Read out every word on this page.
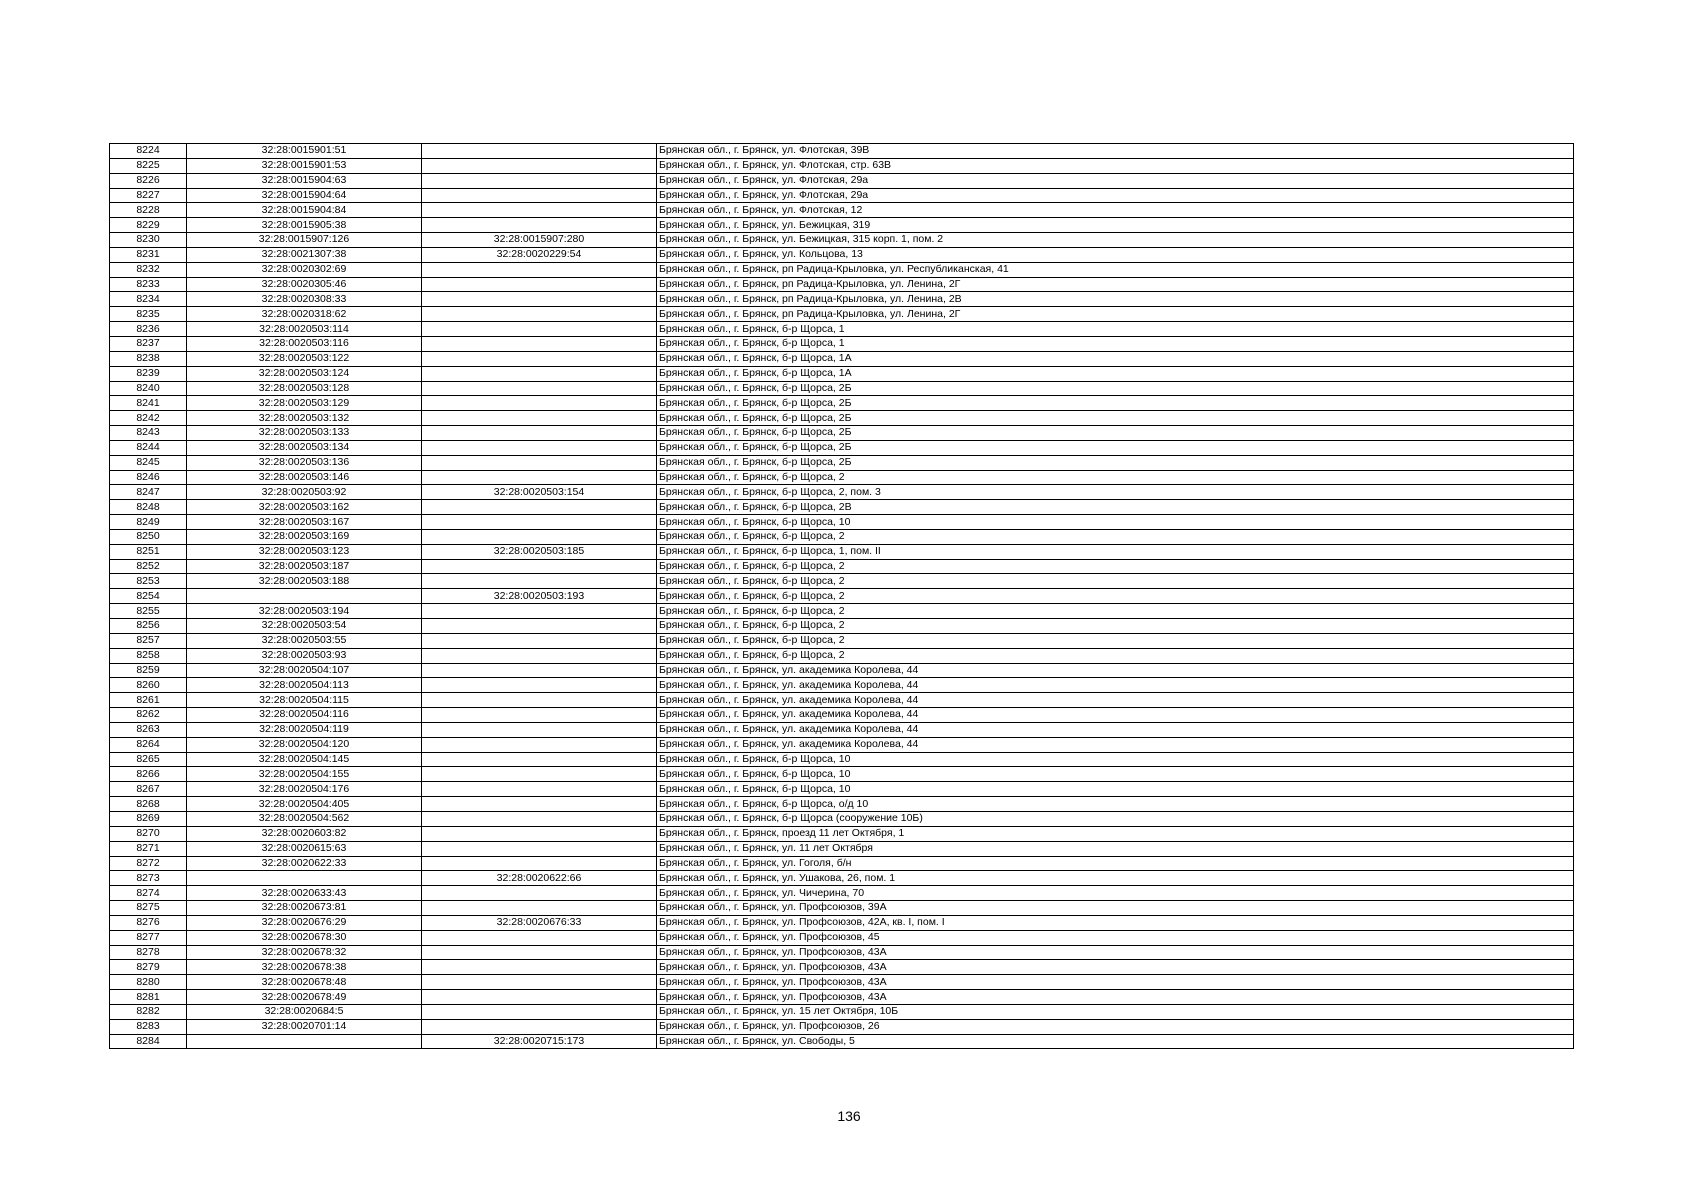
8224	32:28:0015901:51		Брянская обл., г. Брянск, ул. Флотская, 39В
8225	32:28:0015901:53		Брянская обл., г. Брянск, ул. Флотская, стр. 63В
8226	32:28:0015904:63		Брянская обл., г. Брянск, ул. Флотская, 29а
8227	32:28:0015904:64		Брянская обл., г. Брянск, ул. Флотская, 29а
8228	32:28:0015904:84		Брянская обл., г. Брянск, ул. Флотская, 12
8229	32:28:0015905:38		Брянская обл., г. Брянск, ул. Бежицкая, 319
8230	32:28:0015907:126	32:28:0015907:280	Брянская обл., г. Брянск, ул. Бежицкая, 315 корп. 1, пом. 2
8231	32:28:0021307:38	32:28:0020229:54	Брянская обл., г. Брянск, ул. Кольцова, 13
8232	32:28:0020302:69		Брянская обл., г. Брянск, рп Радица-Крыловка, ул. Республиканская, 41
8233	32:28:0020305:46		Брянская обл., г. Брянск, рп Радица-Крыловка, ул. Ленина, 2Г
8234	32:28:0020308:33		Брянская обл., г. Брянск, рп Радица-Крыловка, ул. Ленина, 2В
8235	32:28:0020318:62		Брянская обл., г. Брянск, рп Радица-Крыловка, ул. Ленина, 2Г
8236	32:28:0020503:114		Брянская обл., г. Брянск, б-р Щорса, 1
8237	32:28:0020503:116		Брянская обл., г. Брянск, б-р Щорса, 1
8238	32:28:0020503:122		Брянская обл., г. Брянск, б-р Щорса, 1А
8239	32:28:0020503:124		Брянская обл., г. Брянск, б-р Щорса, 1А
8240	32:28:0020503:128		Брянская обл., г. Брянск, б-р Щорса, 2Б
8241	32:28:0020503:129		Брянская обл., г. Брянск, б-р Щорса, 2Б
8242	32:28:0020503:132		Брянская обл., г. Брянск, б-р Щорса, 2Б
8243	32:28:0020503:133		Брянская обл., г. Брянск, б-р Щорса, 2Б
8244	32:28:0020503:134		Брянская обл., г. Брянск, б-р Щорса, 2Б
8245	32:28:0020503:136		Брянская обл., г. Брянск, б-р Щорса, 2Б
8246	32:28:0020503:146		Брянская обл., г. Брянск, б-р Щорса, 2
8247	32:28:0020503:92	32:28:0020503:154	Брянская обл., г. Брянск, б-р Щорса, 2, пом. 3
8248	32:28:0020503:162		Брянская обл., г. Брянск, б-р Щорса, 2В
8249	32:28:0020503:167		Брянская обл., г. Брянск, б-р Щорса, 10
8250	32:28:0020503:169		Брянская обл., г. Брянск, б-р Щорса, 2
8251	32:28:0020503:123	32:28:0020503:185	Брянская обл., г. Брянск, б-р Щорса, 1, пом. II
8252	32:28:0020503:187		Брянская обл., г. Брянск, б-р Щорса, 2
8253	32:28:0020503:188		Брянская обл., г. Брянск, б-р Щорса, 2
8254		32:28:0020503:193	Брянская обл., г. Брянск, б-р Щорса, 2
8255	32:28:0020503:194		Брянская обл., г. Брянск, б-р Щорса, 2
8256	32:28:0020503:54		Брянская обл., г. Брянск, б-р Щорса, 2
8257	32:28:0020503:55		Брянская обл., г. Брянск, б-р Щорса, 2
8258	32:28:0020503:93		Брянская обл., г. Брянск, б-р Щорса, 2
8259	32:28:0020504:107		Брянская обл., г. Брянск, ул. академика Королева, 44
8260	32:28:0020504:113		Брянская обл., г. Брянск, ул. академика Королева, 44
8261	32:28:0020504:115		Брянская обл., г. Брянск, ул. академика Королева, 44
8262	32:28:0020504:116		Брянская обл., г. Брянск, ул. академика Королева, 44
8263	32:28:0020504:119		Брянская обл., г. Брянск, ул. академика Королева, 44
8264	32:28:0020504:120		Брянская обл., г. Брянск, ул. академика Королева, 44
8265	32:28:0020504:145		Брянская обл., г. Брянск, б-р Щорса, 10
8266	32:28:0020504:155		Брянская обл., г. Брянск, б-р Щорса, 10
8267	32:28:0020504:176		Брянская обл., г. Брянск, б-р Щорса, 10
8268	32:28:0020504:405		Брянская обл., г. Брянск, б-р Щорса, о/д 10
8269	32:28:0020504:562		Брянская обл., г. Брянск, б-р Щорса (сооружение 10Б)
8270	32:28:0020603:82		Брянская обл., г. Брянск, проезд 11 лет Октября, 1
8271	32:28:0020615:63		Брянская обл., г. Брянск, ул. 11 лет Октября
8272	32:28:0020622:33		Брянская обл., г. Брянск, ул. Гоголя, б/н
8273		32:28:0020622:66	Брянская обл., г. Брянск, ул. Ушакова, 26, пом. 1
8274	32:28:0020633:43		Брянская обл., г. Брянск, ул. Чичерина, 70
8275	32:28:0020673:81		Брянская обл., г. Брянск, ул. Профсоюзов, 39А
8276	32:28:0020676:29	32:28:0020676:33	Брянская обл., г. Брянск, ул. Профсоюзов, 42А, кв. I, пом. I
8277	32:28:0020678:30		Брянская обл., г. Брянск, ул. Профсоюзов, 45
8278	32:28:0020678:32		Брянская обл., г. Брянск, ул. Профсоюзов, 43А
8279	32:28:0020678:38		Брянская обл., г. Брянск, ул. Профсоюзов, 43А
8280	32:28:0020678:48		Брянская обл., г. Брянск, ул. Профсоюзов, 43А
8281	32:28:0020678:49		Брянская обл., г. Брянск, ул. Профсоюзов, 43А
8282	32:28:0020684:5		Брянская обл., г. Брянск, ул. 15 лет Октября, 10Б
8283	32:28:0020701:14		Брянская обл., г. Брянск, ул. Профсоюзов, 26
8284		32:28:0020715:173	Брянская обл., г. Брянск, ул. Свободы, 5
136
